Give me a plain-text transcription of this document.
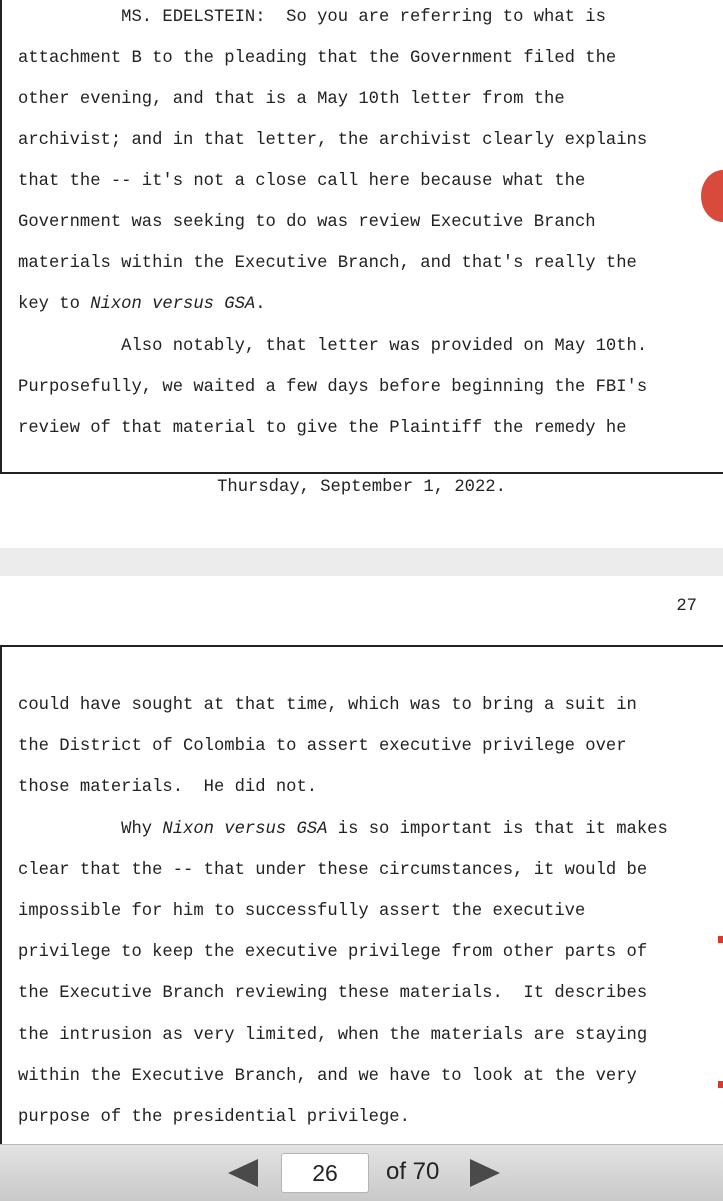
MS. EDELSTEIN:  So you are referring to what is
attachment B to the pleading that the Government filed the
other evening, and that is a May 10th letter from the
archivist; and in that letter, the archivist clearly explains
that the -- it's not a close call here because what the
Government was seeking to do was review Executive Branch
materials within the Executive Branch, and that's really the
key to Nixon versus GSA.
Also notably, that letter was provided on May 10th.
Purposefully, we waited a few days before beginning the FBI's
review of that material to give the Plaintiff the remedy he
Thursday, September 1, 2022.
27
could have sought at that time, which was to bring a suit in
the District of Colombia to assert executive privilege over
those materials.  He did not.
Why Nixon versus GSA is so important is that it makes
clear that the -- that under these circumstances, it would be
impossible for him to successfully assert the executive
privilege to keep the executive privilege from other parts of
the Executive Branch reviewing these materials.  It describes
the intrusion as very limited, when the materials are staying
within the Executive Branch, and we have to look at the very
purpose of the presidential privilege.
26
of 70
